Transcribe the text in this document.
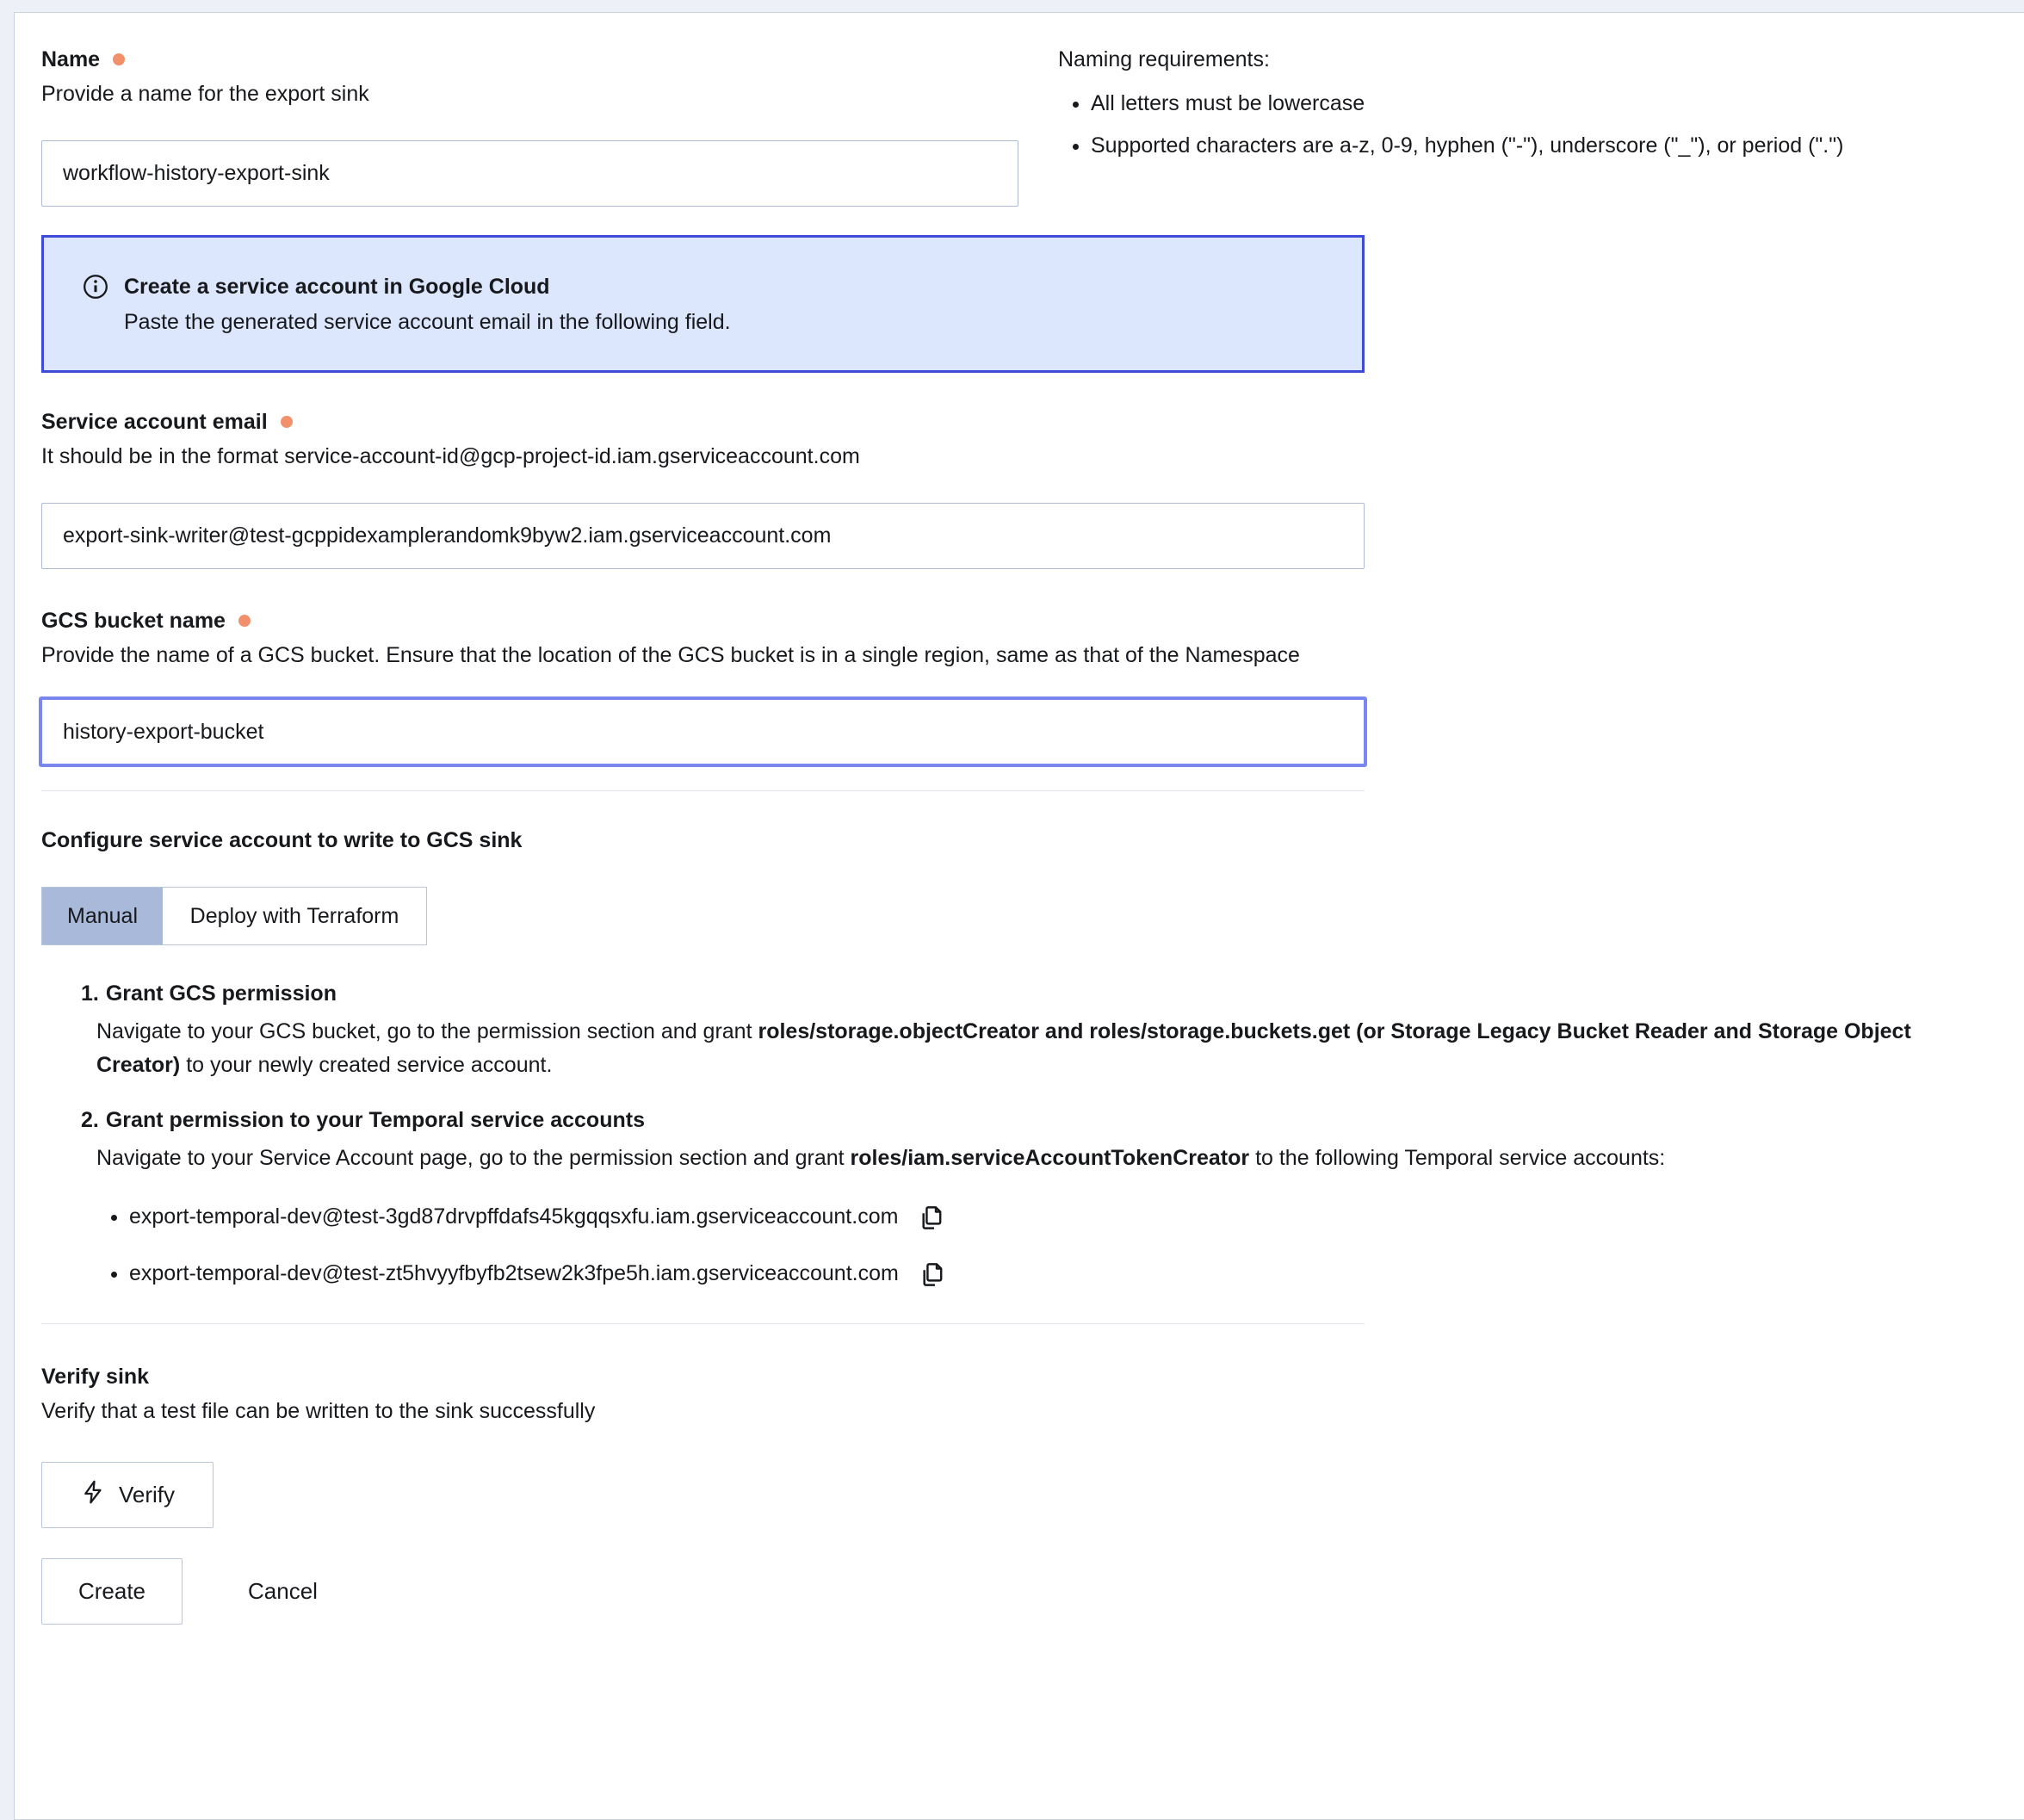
Name
Provide a name for the export sink
workflow-history-export-sink
Naming requirements:
• All letters must be lowercase
• Supported characters are a-z, 0-9, hyphen ("-"), underscore ("_"), or period (".")
Create a service account in Google Cloud
Paste the generated service account email in the following field.
Service account email
It should be in the format service-account-id@gcp-project-id.iam.gserviceaccount.com
export-sink-writer@test-gcppidexamplerandomk9byw2.iam.gserviceaccount.com
GCS bucket name
Provide the name of a GCS bucket. Ensure that the location of the GCS bucket is in a single region, same as that of the Namespace
history-export-bucket
Configure service account to write to GCS sink
Manual	Deploy with Terraform
1. Grant GCS permission

Navigate to your GCS bucket, go to the permission section and grant roles/storage.objectCreator and roles/storage.buckets.get (or Storage Legacy Bucket Reader and Storage Object Creator) to your newly created service account.

2. Grant permission to your Temporal service accounts

Navigate to your Service Account page, go to the permission section and grant roles/iam.serviceAccountTokenCreator to the following Temporal service accounts:

• export-temporal-dev@test-3gd87drvpffdafs45kgqqsxfu.iam.gserviceaccount.com
• export-temporal-dev@test-zt5hvyyfbyfb2tsew2k3fpe5h.iam.gserviceaccount.com
Verify sink
Verify that a test file can be written to the sink successfully
Verify
Create	Cancel
